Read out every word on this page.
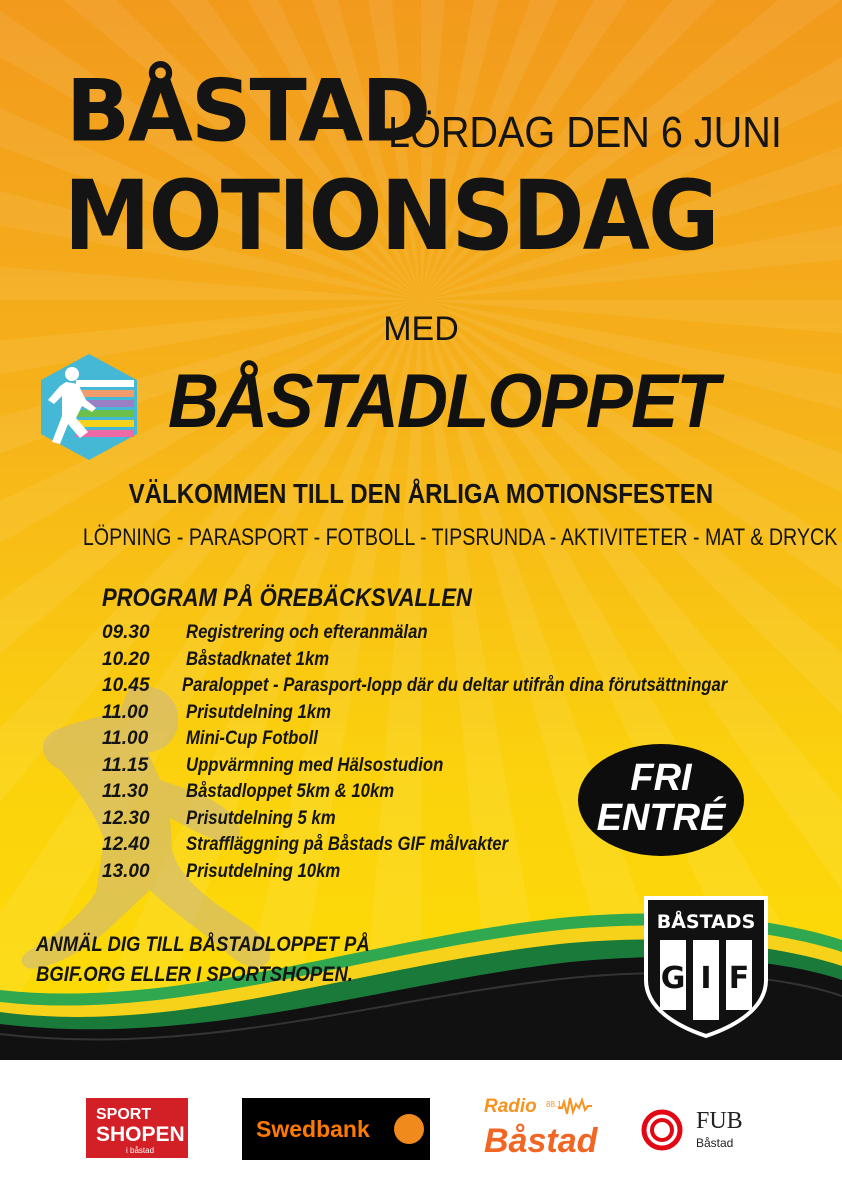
BÅSTAD
LÖRDAG DEN 6 JUNI
MOTIONSDAG
MED
BÅSTADLOPPET
VÄLKOMMEN TILL DEN ÅRLIGA MOTIONSFESTEN
LÖPNING - PARASPORT - FOTBOLL - TIPSRUNDA - AKTIVITETER - MAT & DRYCK
PROGRAM PÅ ÖREBÄCKSVALLEN
09.30	Registrering och efteranmälan
10.20	Båstadknatet 1km
10.45	Paraloppet - Parasport-lopp där du deltar utifrån dina förutsättningar
11.00	Prisutdelning 1km
11.00	Mini-Cup Fotboll
11.15	Uppvärmning med Hälsostudion
11.30	Båstadloppet 5km & 10km
12.30	Prisutdelning 5 km
12.40	Straffläggning på Båstads GIF målvakter
13.00	Prisutdelning 10km
FRI
ENTRÉ
ANMÄL DIG TILL BÅSTADLOPPET PÅ
BGIF.ORG ELLER I SPORTSHOPEN.
BÅSTADS
G I F
SPORT
SHOPEN
i båstad
Swedbank
Radio 88.1
Båstad
FUB
Båstad
